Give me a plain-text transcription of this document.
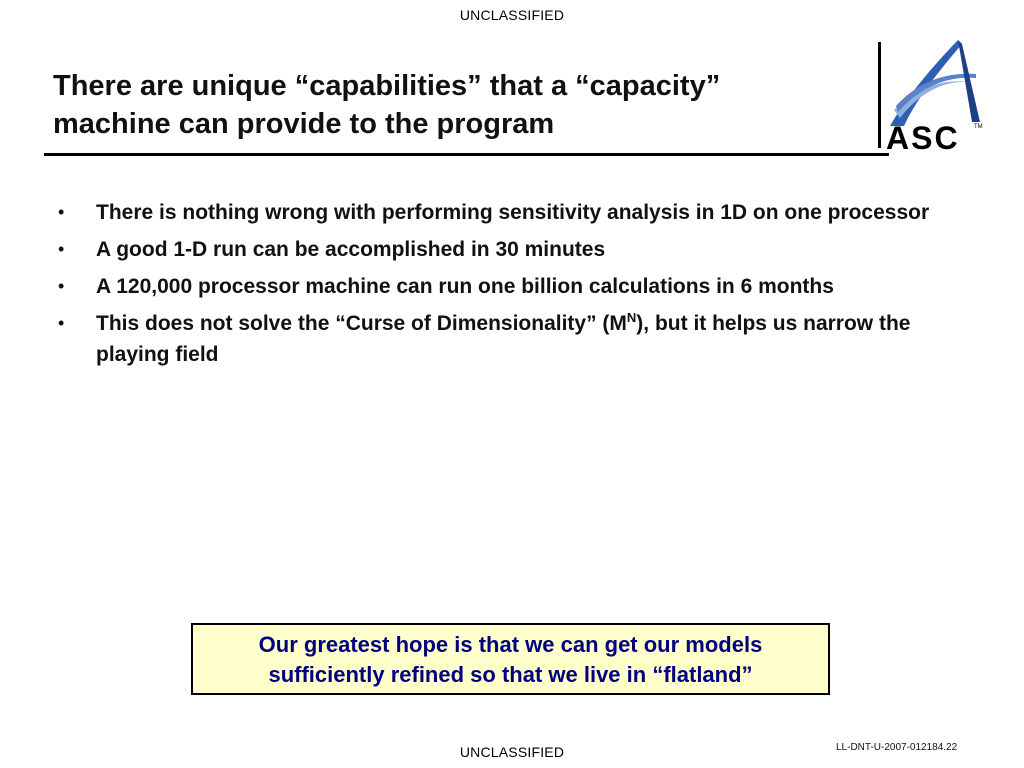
UNCLASSIFIED
There are unique “capabilities” that a “capacity”
machine can provide to the program	ASC TM
• There is nothing wrong with performing sensitivity analysis in 1D on one processor
• A good 1-D run can be accomplished in 30 minutes
• A 120,000 processor machine can run one billion calculations in 6 months
• This does not solve the “Curse of Dimensionality” $(M^N)$, but it helps us narrow the playing field
Our greatest hope is that we can get our models
sufficiently refined so that we live in “flatland”
LL-DNT-U-2007-012184.22
UNCLASSIFIED
